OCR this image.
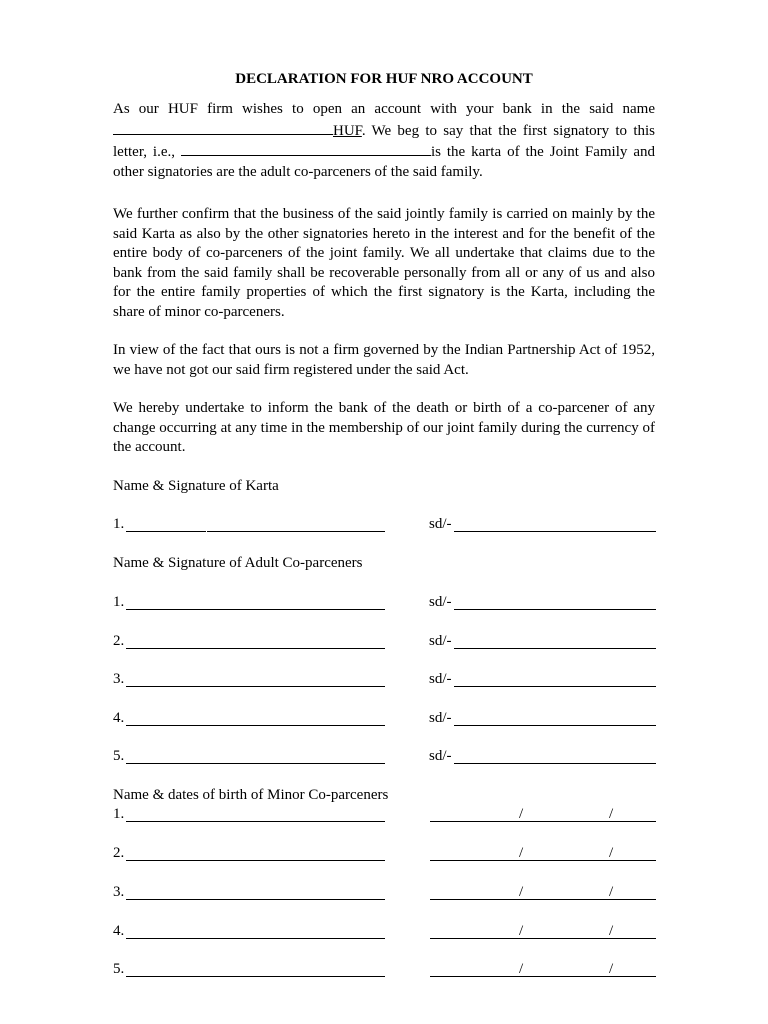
DECLARATION FOR HUF NRO ACCOUNT

As our HUF firm wishes to open an account with your bank in the said name HUF. We beg to say that the first signatory to this letter, i.e.,	is the karta of the Joint Family and other signatories are the adult co-parceners of the said family.

We further confirm that the business of the said jointly family is carried on mainly by the said Karta as also by the other signatories hereto in the interest and for the benefit of the entire body of co-parceners of the joint family. We all undertake that claims due to the bank from the said family shall be recoverable personally from all or any of us and also for the entire family properties of which the first signatory is the Karta, including the share of minor co-parceners.

In view of the fact that ours is not a firm governed by the Indian Partnership Act of 1952, we have not got our said firm registered under the said Act.

We hereby undertake to inform the bank of the death or birth of a co-parcener of any change occurring at any time in the membership of our joint family during the currency of the account.

Name & Signature of Karta
1.	sd/-
Name & Signature of Adult Co-parceners
1.	sd/-
2.	sd/-
3.	sd/-
4.	sd/-
5.	sd/-
Name & dates of birth of Minor Co-parceners
1.	/	/
2.	/	/
3.	/	/
4.	/	/
5.	/	/
